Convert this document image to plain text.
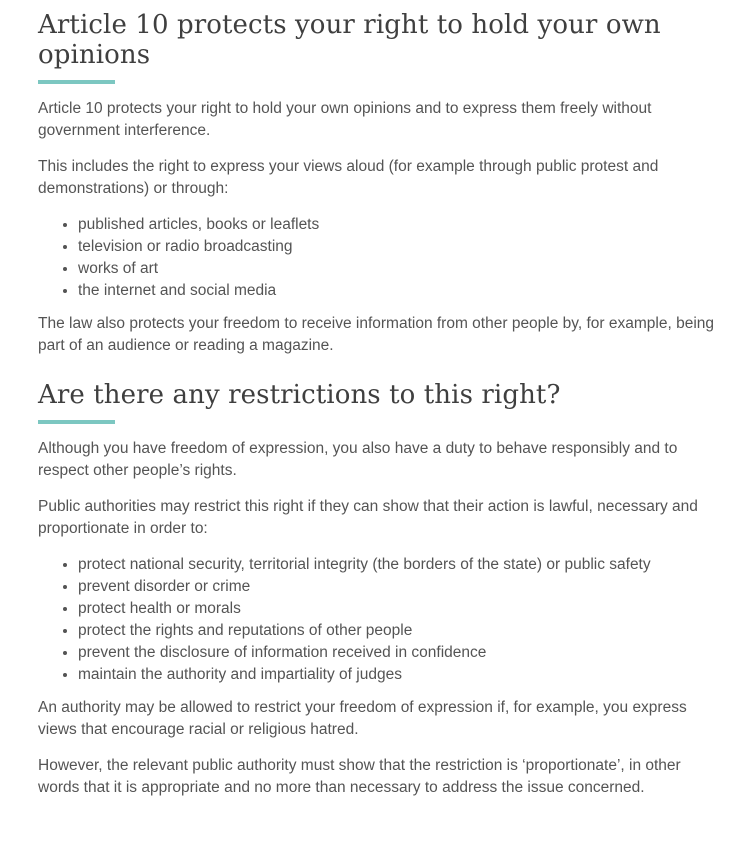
Article 10 protects your right to hold your own opinions

Article 10 protects your right to hold your own opinions and to express them freely without government interference.

This includes the right to express your views aloud (for example through public protest and demonstrations) or through:

• published articles, books or leaflets
• television or radio broadcasting
• works of art
• the internet and social media

The law also protects your freedom to receive information from other people by, for example, being part of an audience or reading a magazine.

Are there any restrictions to this right?

Although you have freedom of expression, you also have a duty to behave responsibly and to respect other people’s rights.

Public authorities may restrict this right if they can show that their action is lawful, necessary and proportionate in order to:

• protect national security, territorial integrity (the borders of the state) or public safety
• prevent disorder or crime
• protect health or morals
• protect the rights and reputations of other people
• prevent the disclosure of information received in confidence
• maintain the authority and impartiality of judges

An authority may be allowed to restrict your freedom of expression if, for example, you express views that encourage racial or religious hatred.

However, the relevant public authority must show that the restriction is ‘proportionate’, in other words that it is appropriate and no more than necessary to address the issue concerned.
